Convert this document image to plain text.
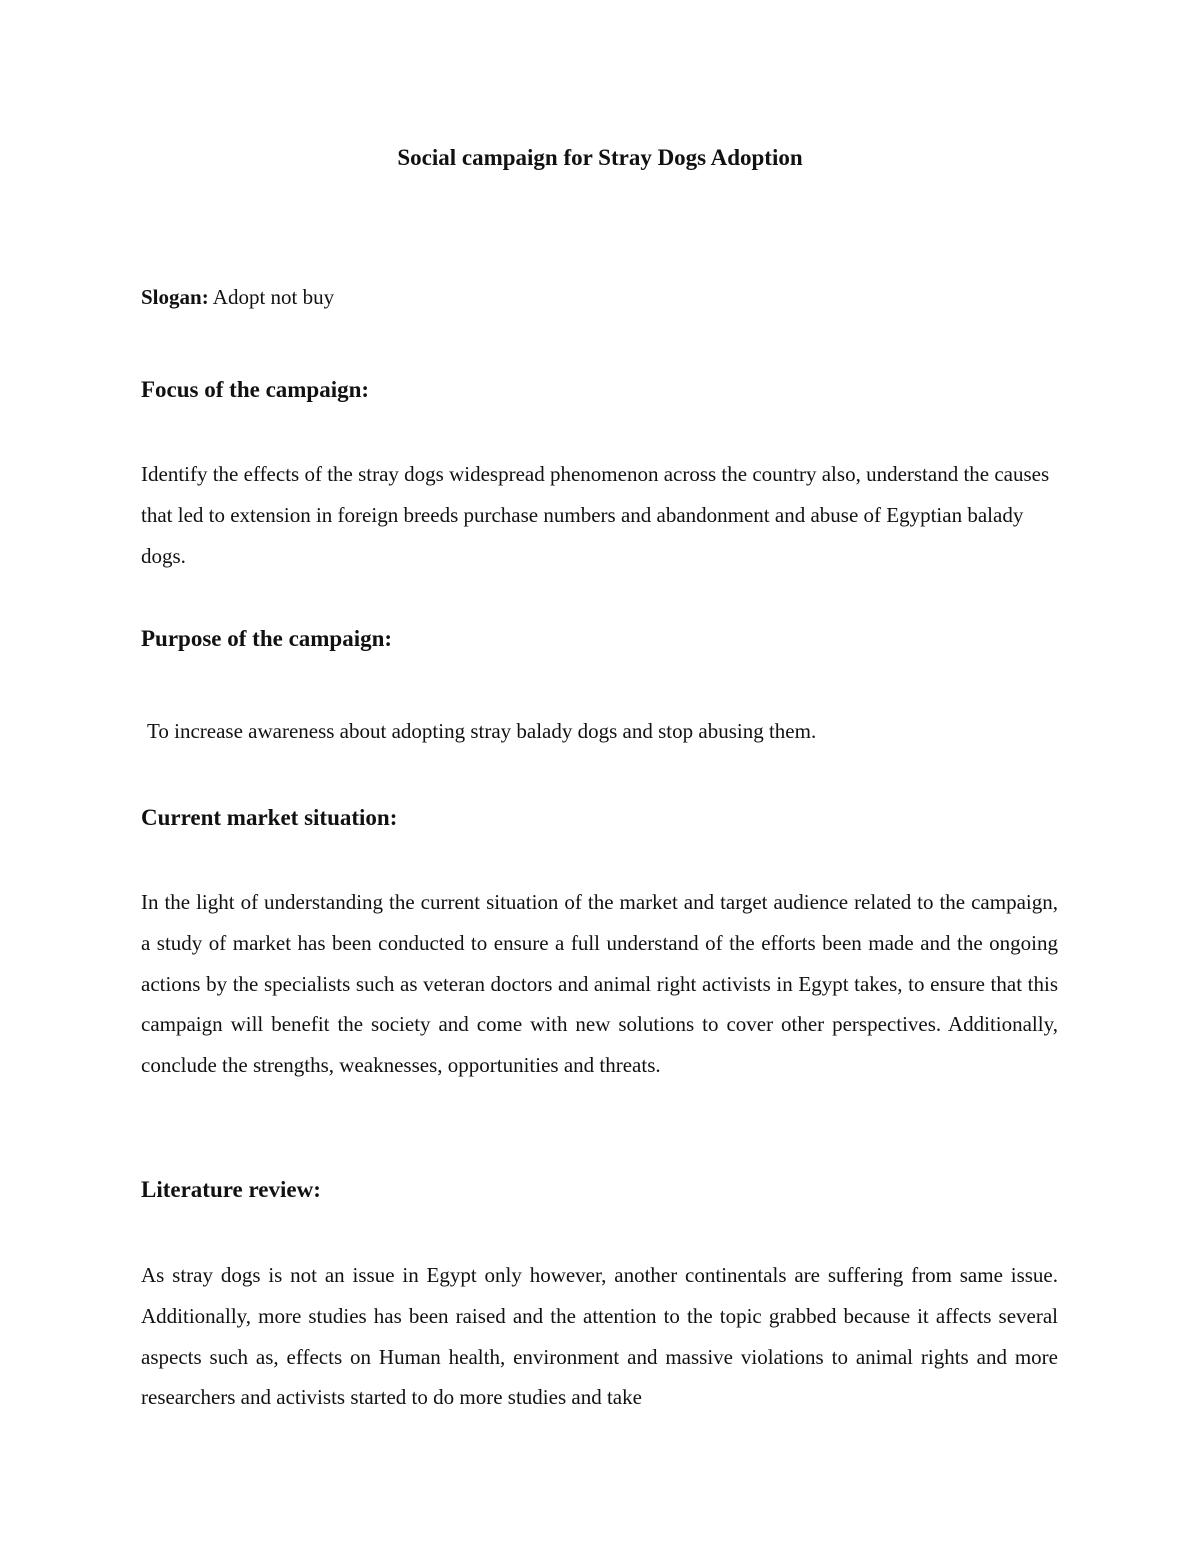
Social campaign for Stray Dogs Adoption

Slogan: Adopt not buy

Focus of the campaign:

Identify the effects of the stray dogs widespread phenomenon across the country also, understand the causes that led to extension in foreign breeds purchase numbers and abandonment and abuse of Egyptian balady dogs.

Purpose of the campaign:

To increase awareness about adopting stray balady dogs and stop abusing them.

Current market situation:

In the light of understanding the current situation of the market and target audience related to the campaign, a study of market has been conducted to ensure a full understand of the efforts been made and the ongoing actions by the specialists such as veteran doctors and animal right activists in Egypt takes, to ensure that this campaign will benefit the society and come with new solutions to cover other perspectives. Additionally, conclude the strengths, weaknesses, opportunities and threats.

Literature review:

As stray dogs is not an issue in Egypt only however, another continentals are suffering from same issue. Additionally, more studies has been raised and the attention to the topic grabbed because it affects several aspects such as, effects on Human health, environment and massive violations to animal rights and more researchers and activists started to do more studies and take
